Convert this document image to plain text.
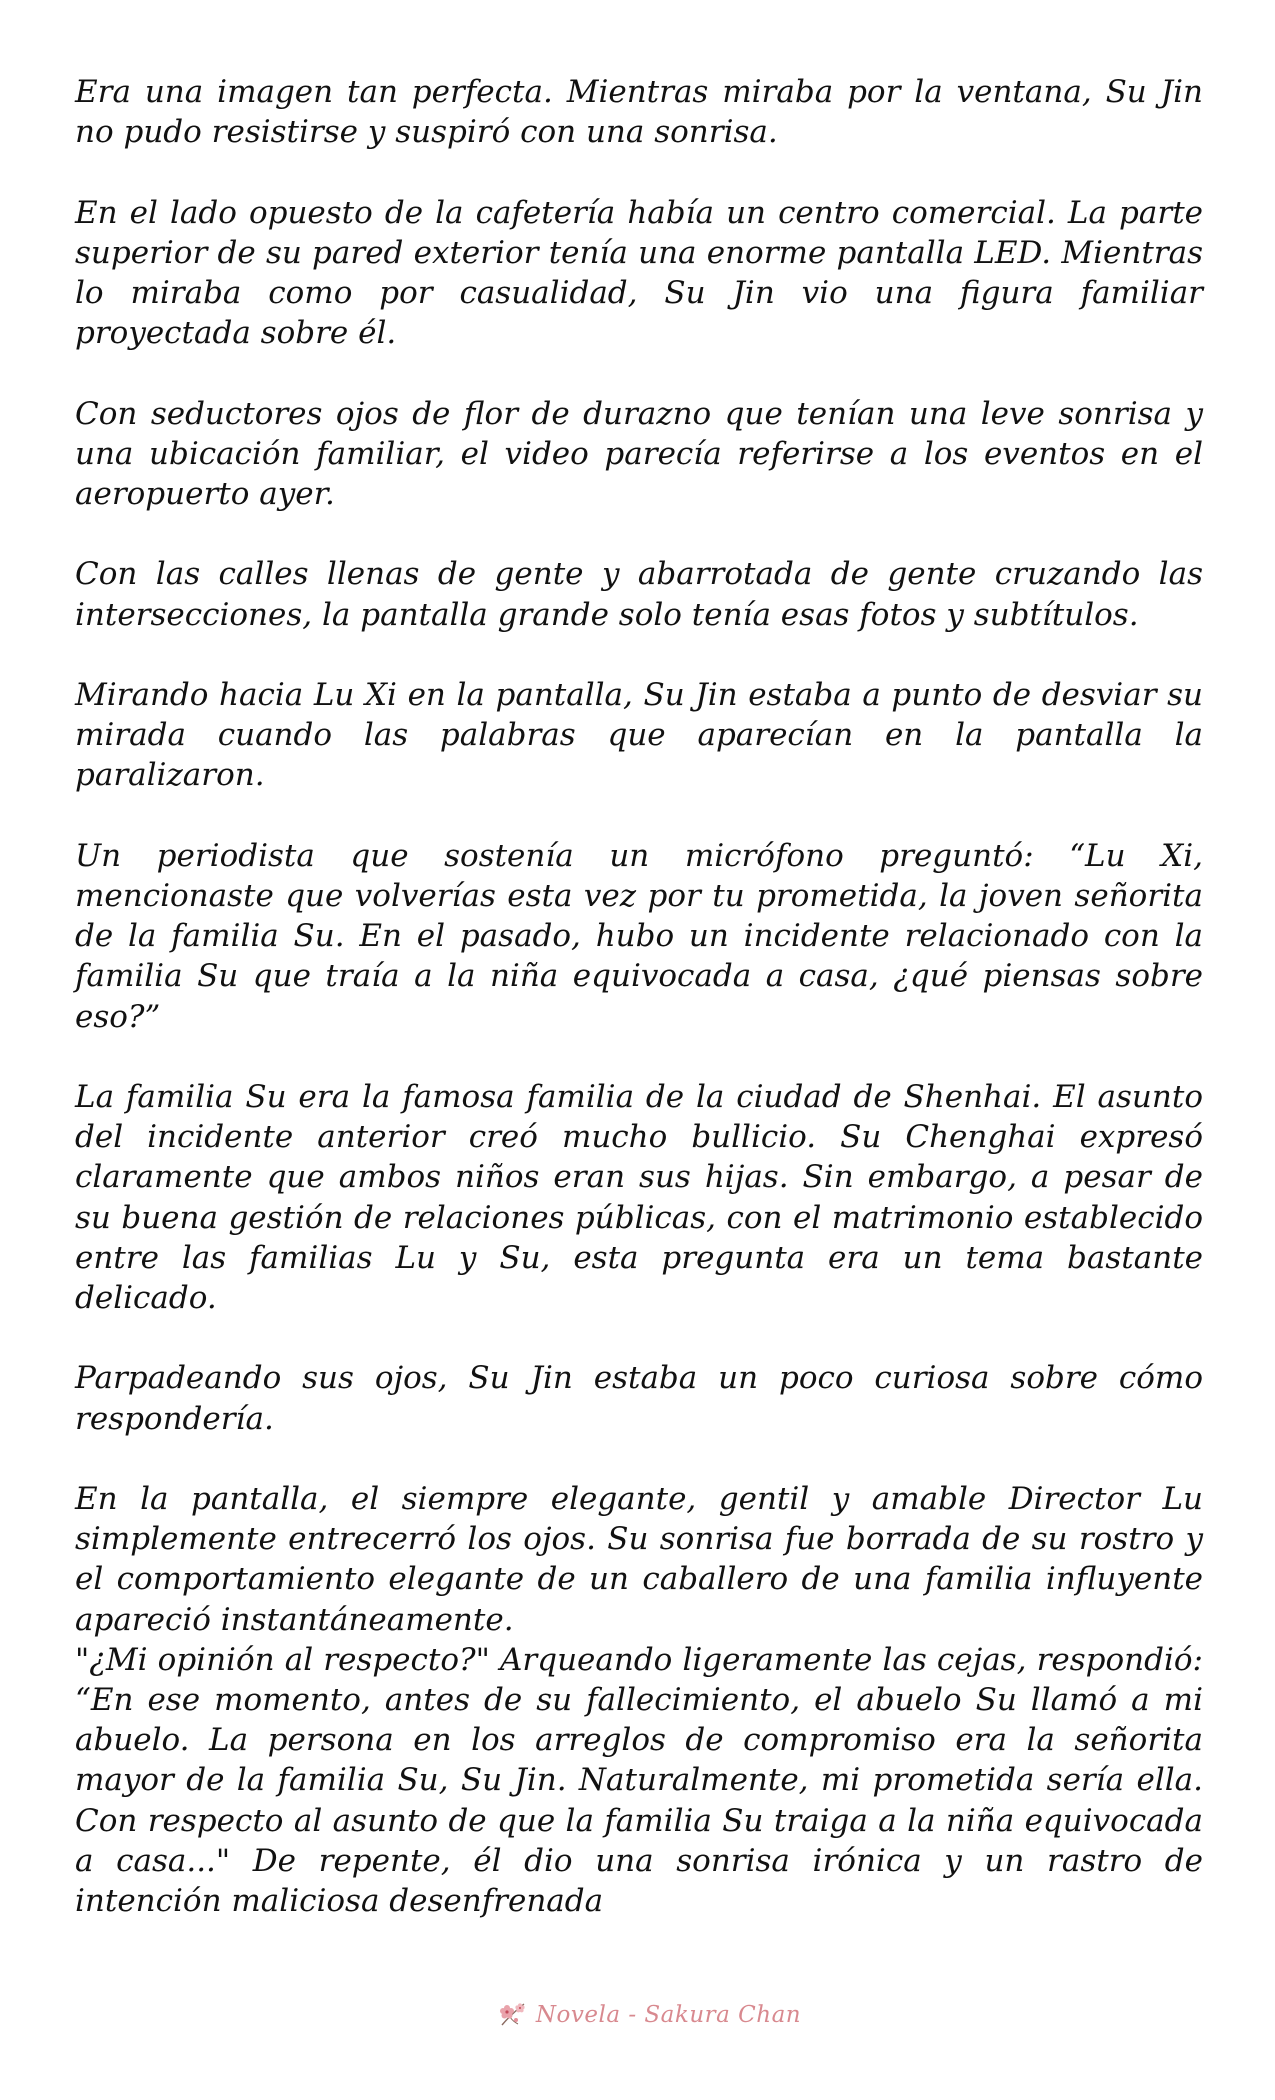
Era una imagen tan perfecta. Mientras miraba por la ventana, Su Jin no pudo resistirse y suspiró con una sonrisa.

En el lado opuesto de la cafetería había un centro comercial. La parte superior de su pared exterior tenía una enorme pantalla LED. Mientras lo miraba como por casualidad, Su Jin vio una figura familiar proyectada sobre él.

Con seductores ojos de flor de durazno que tenían una leve sonrisa y una ubicación familiar, el video parecía referirse a los eventos en el aeropuerto ayer.

Con las calles llenas de gente y abarrotada de gente cruzando las intersecciones, la pantalla grande solo tenía esas fotos y subtítulos.

Mirando hacia Lu Xi en la pantalla, Su Jin estaba a punto de desviar su mirada cuando las palabras que aparecían en la pantalla la paralizaron.

Un periodista que sostenía un micrófono preguntó: “Lu Xi, mencionaste que volverías esta vez por tu prometida, la joven señorita de la familia Su. En el pasado, hubo un incidente relacionado con la familia Su que traía a la niña equivocada a casa, ¿qué piensas sobre eso?”

La familia Su era la famosa familia de la ciudad de Shenhai. El asunto del incidente anterior creó mucho bullicio. Su Chenghai expresó claramente que ambos niños eran sus hijas. Sin embargo, a pesar de su buena gestión de relaciones públicas, con el matrimonio establecido entre las familias Lu y Su, esta pregunta era un tema bastante delicado.

Parpadeando sus ojos, Su Jin estaba un poco curiosa sobre cómo respondería.

En la pantalla, el siempre elegante, gentil y amable Director Lu simplemente entrecerró los ojos. Su sonrisa fue borrada de su rostro y el comportamiento elegante de un caballero de una familia influyente apareció instantáneamente.

"¿Mi opinión al respecto?" Arqueando ligeramente las cejas, respondió: “En ese momento, antes de su fallecimiento, el abuelo Su llamó a mi abuelo. La persona en los arreglos de compromiso era la señorita mayor de la familia Su, Su Jin. Naturalmente, mi prometida sería ella. Con respecto al asunto de que la familia Su traiga a la niña equivocada a casa..." De repente, él dio una sonrisa irónica y un rastro de intención maliciosa desenfrenada

Novela - Sakura Chan
